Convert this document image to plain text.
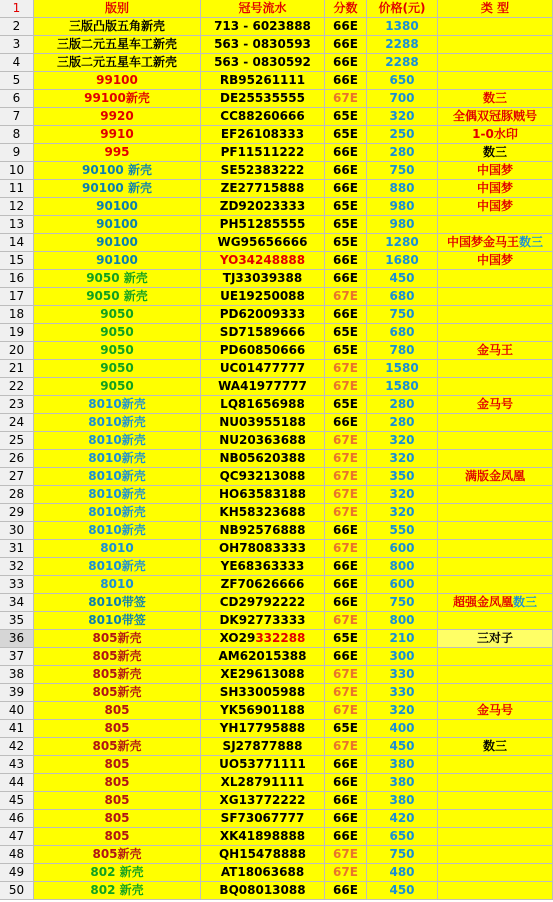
1	版别	冠号流水	分数	价格(元)	类 型
2	三版凸版五角新壳	713 - 6023888	66E	1380
3	三版二元五星车工新壳	563 - 0830593	66E	2288
4	三版二元五星车工新壳	563 - 0830592	66E	2288
5	99100	RB95261111	66E	650
6	99100新壳	DE25535555	67E	700	数三
7	9920	CC88260666	65E	320	全偶双冠豚贼号
8	9910	EF26108333	65E	250	1-0水印
9	995	PF11511222	66E	280	数三
10	90100 新壳	SE52383222	66E	750	中国梦
11	90100 新壳	ZE27715888	66E	880	中国梦
12	90100	ZD92023333	65E	980	中国梦
13	90100	PH51285555	65E	980
14	90100	WG95656666	65E	1280	中国梦金马王数三
15	90100	YO34248888	66E	1680	中国梦
16	9050 新壳	TJ33039388	66E	450
17	9050 新壳	UE19250088	67E	680
18	9050	PD62009333	66E	750
19	9050	SD71589666	65E	680
20	9050	PD60850666	65E	780	金马王
21	9050	UC01477777	67E	1580
22	9050	WA41977777	67E	1580
23	8010新壳	LQ81656988	65E	280	金马号
24	8010新壳	NU03955188	66E	280
25	8010新壳	NU20363688	67E	320
26	8010新壳	NB05620388	67E	320
27	8010新壳	QC93213088	67E	350	满版金凤凰
28	8010新壳	HO63583188	67E	320
29	8010新壳	KH58323688	67E	320
30	8010新壳	NB92576888	66E	550
31	8010	OH78083333	67E	600
32	8010新壳	YE68363333	66E	800
33	8010	ZF70626666	66E	600
34	8010带签	CD29792222	66E	750	超强金凤凰数三
35	8010带签	DK92773333	67E	800
36	805新壳	XO29332288	65E	210	三对子
37	805新壳	AM62015388	66E	300
38	805新壳	XE29613088	67E	330
39	805新壳	SH33005988	67E	330
40	805	YK56901188	67E	320	金马号
41	805	YH17795888	65E	400
42	805新壳	SJ27877888	67E	450	数三
43	805	UO53771111	66E	380
44	805	XL28791111	66E	380
45	805	XG13772222	66E	380
46	805	SF73067777	66E	420
47	805	XK41898888	66E	650
48	805新壳	QH15478888	67E	750
49	802 新壳	AT18063688	67E	480
50	802 新壳	BQ08013088	66E	450
